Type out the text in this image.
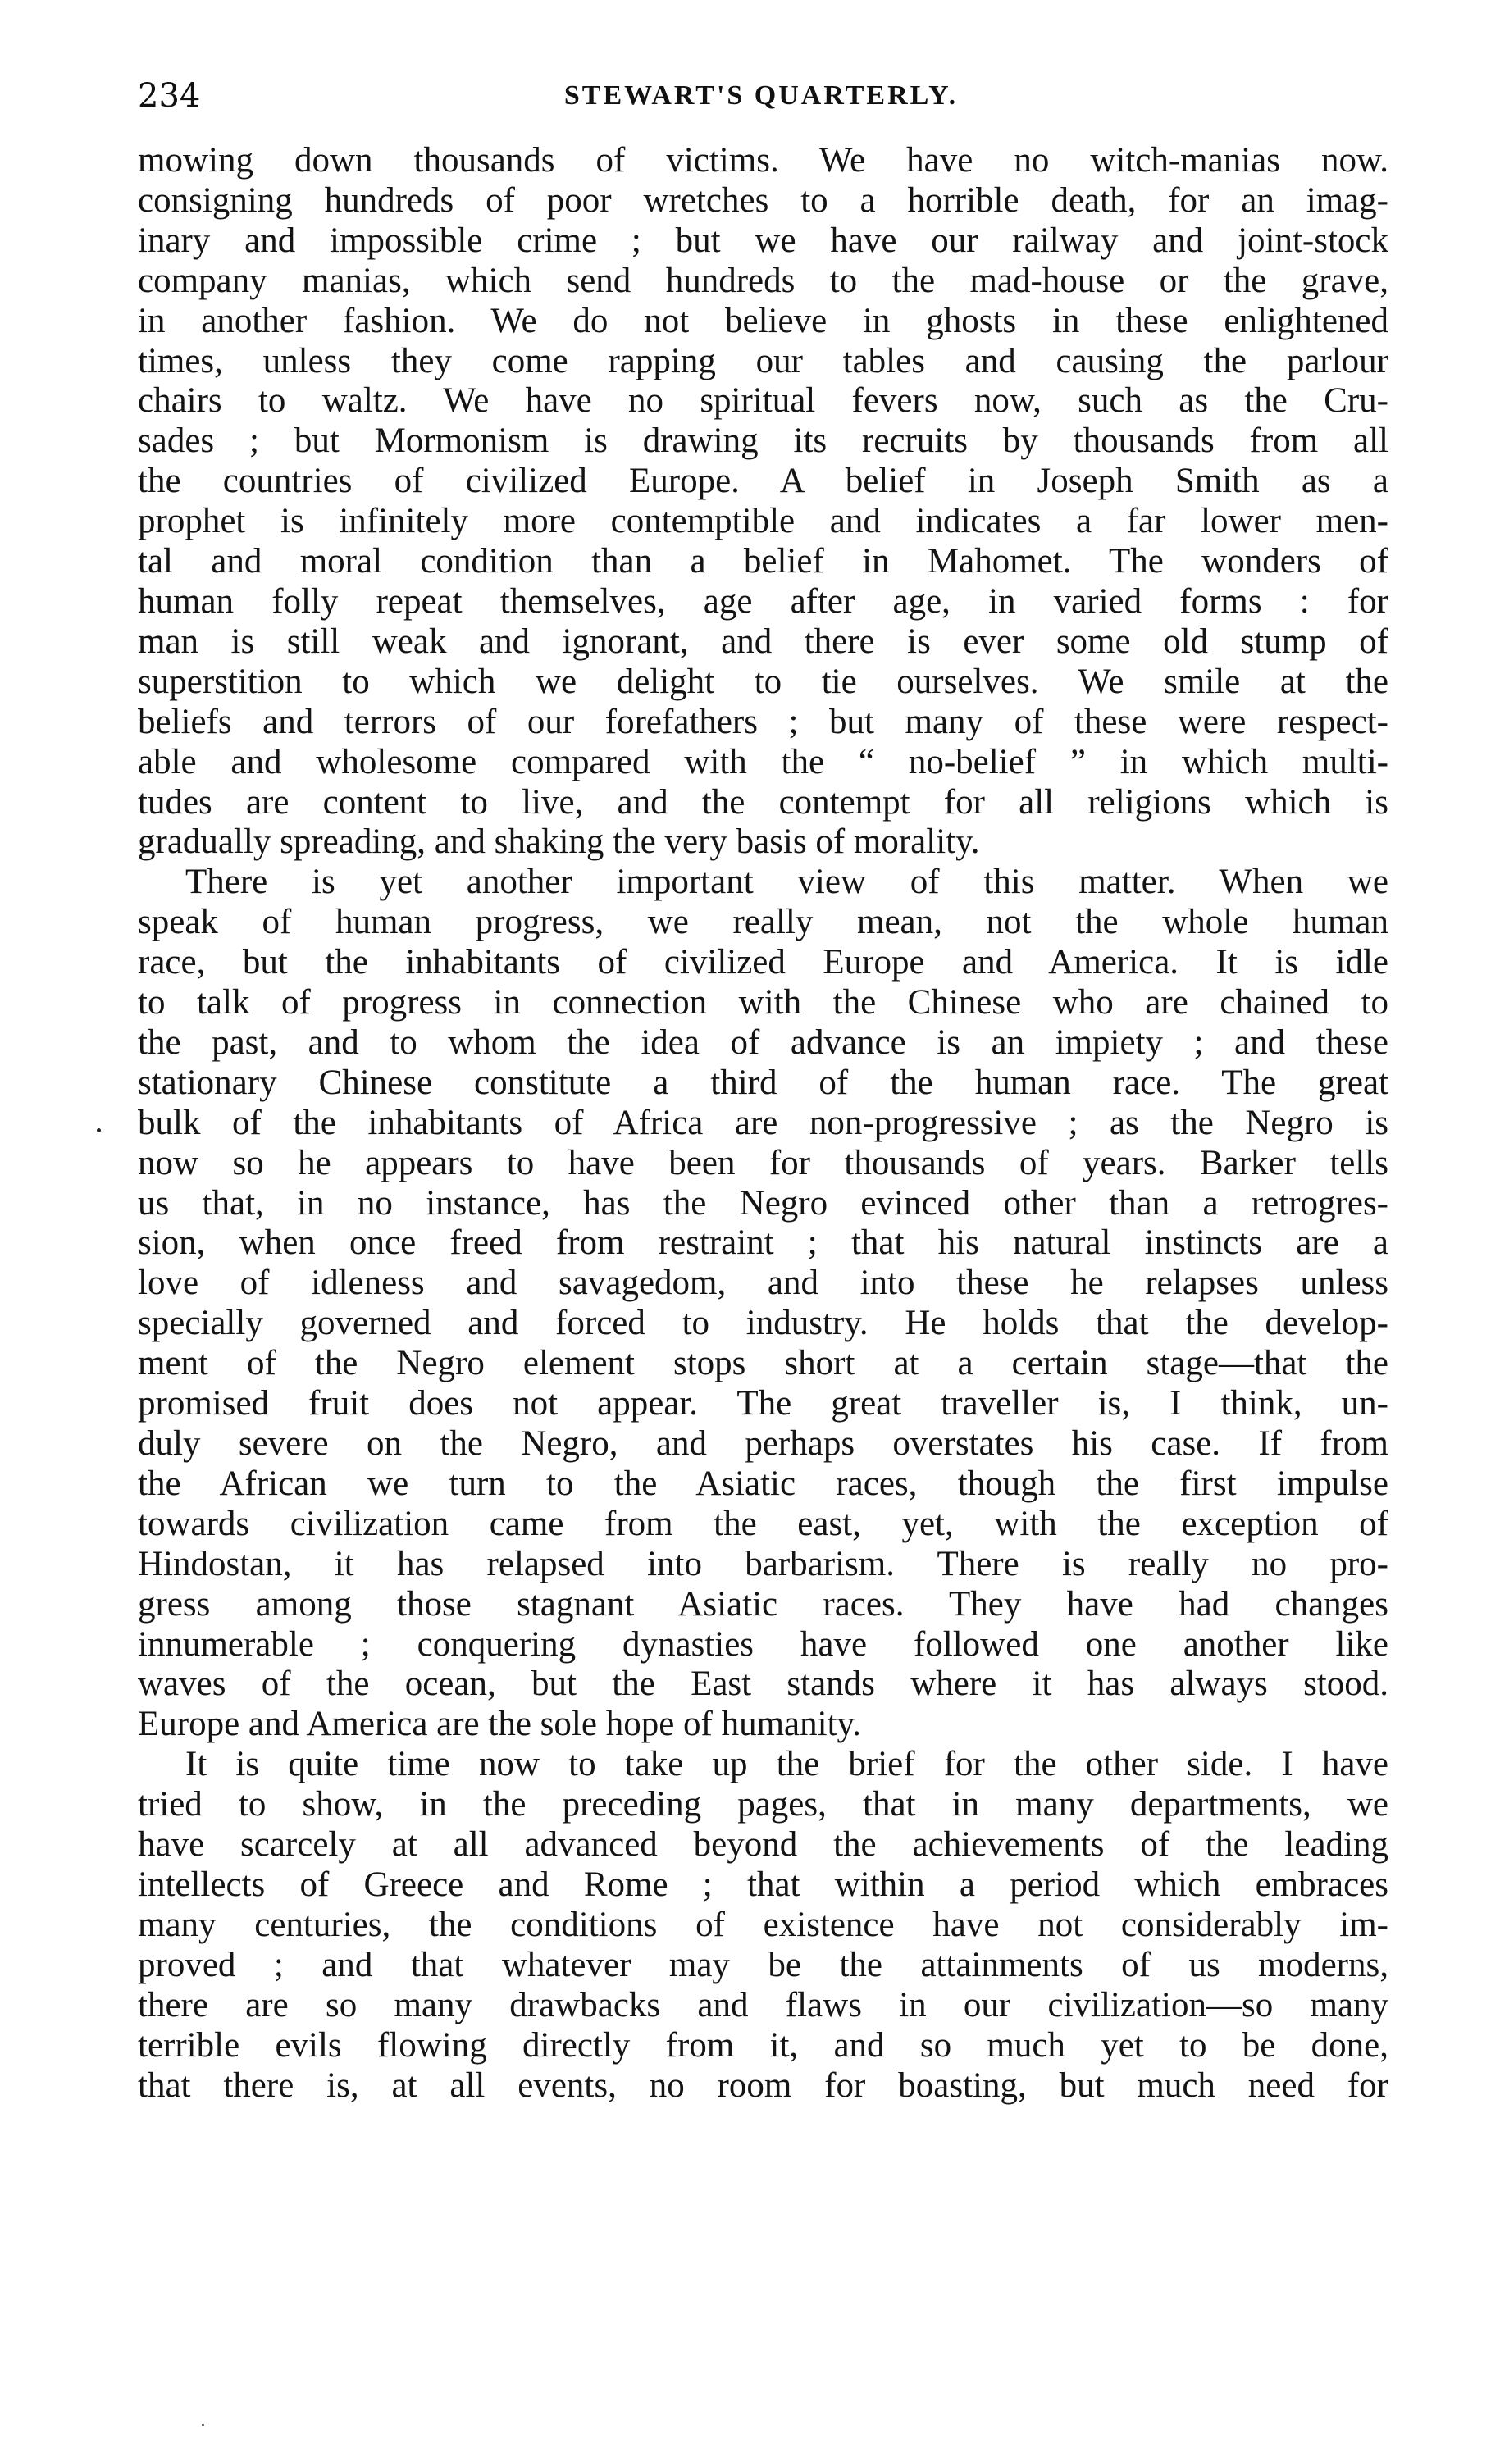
234	STEWART'S QUARTERLY.

mowing down thousands of victims. We have no witch-manias now.

consigning hundreds of poor wretches to a horrible death, for an imag-

inary and impossible crime ; but we have our railway and joint-stock

company manias, which send hundreds to the mad-house or the grave,

in another fashion. We do not believe in ghosts in these enlightened

times, unless they come rapping our tables and causing the parlour

chairs to waltz. We have no spiritual fevers now, such as the Cru-

sades ; but Mormonism is drawing its recruits by thousands from all

the countries of civilized Europe. A belief in Joseph Smith as a

prophet is infinitely more contemptible and indicates a far lower men-

tal and moral condition than a belief in Mahomet. The wonders of

human folly repeat themselves, age after age, in varied forms : for

man is still weak and ignorant, and there is ever some old stump of

superstition to which we delight to tie ourselves. We smile at the

beliefs and terrors of our forefathers ; but many of these were respect-

able and wholesome compared with the “ no-belief ” in which multi-

tudes are content to live, and the contempt for all religions which is

gradually spreading, and shaking the very basis of morality.

There is yet another important view of this matter. When we

speak of human progress, we really mean, not the whole human

race, but the inhabitants of civilized Europe and America. It is idle

to talk of progress in connection with the Chinese who are chained to

the past, and to whom the idea of advance is an impiety ; and these

stationary Chinese constitute a third of the human race. The great

bulk of the inhabitants of Africa are non-progressive ; as the Negro is

now so he appears to have been for thousands of years. Barker tells

us that, in no instance, has the Negro evinced other than a retrogres-

sion, when once freed from restraint ; that his natural instincts are a

love of idleness and savagedom, and into these he relapses unless

specially governed and forced to industry. He holds that the develop-

ment of the Negro element stops short at a certain stage—that the

promised fruit does not appear. The great traveller is, I think, un-

duly severe on the Negro, and perhaps overstates his case. If from

the African we turn to the Asiatic races, though the first impulse

towards civilization came from the east, yet, with the exception of

Hindostan, it has relapsed into barbarism. There is really no pro-

gress among those stagnant Asiatic races. They have had changes

innumerable ; conquering dynasties have followed one another like

waves of the ocean, but the East stands where it has always stood.

Europe and America are the sole hope of humanity.

It is quite time now to take up the brief for the other side. I have

tried to show, in the preceding pages, that in many departments, we

have scarcely at all advanced beyond the achievements of the leading

intellects of Greece and Rome ; that within a period which embraces

many centuries, the conditions of existence have not considerably im-

proved ; and that whatever may be the attainments of us moderns,

there are so many drawbacks and flaws in our civilization—so many

terrible evils flowing directly from it, and so much yet to be done,

that there is, at all events, no room for boasting, but much need for
